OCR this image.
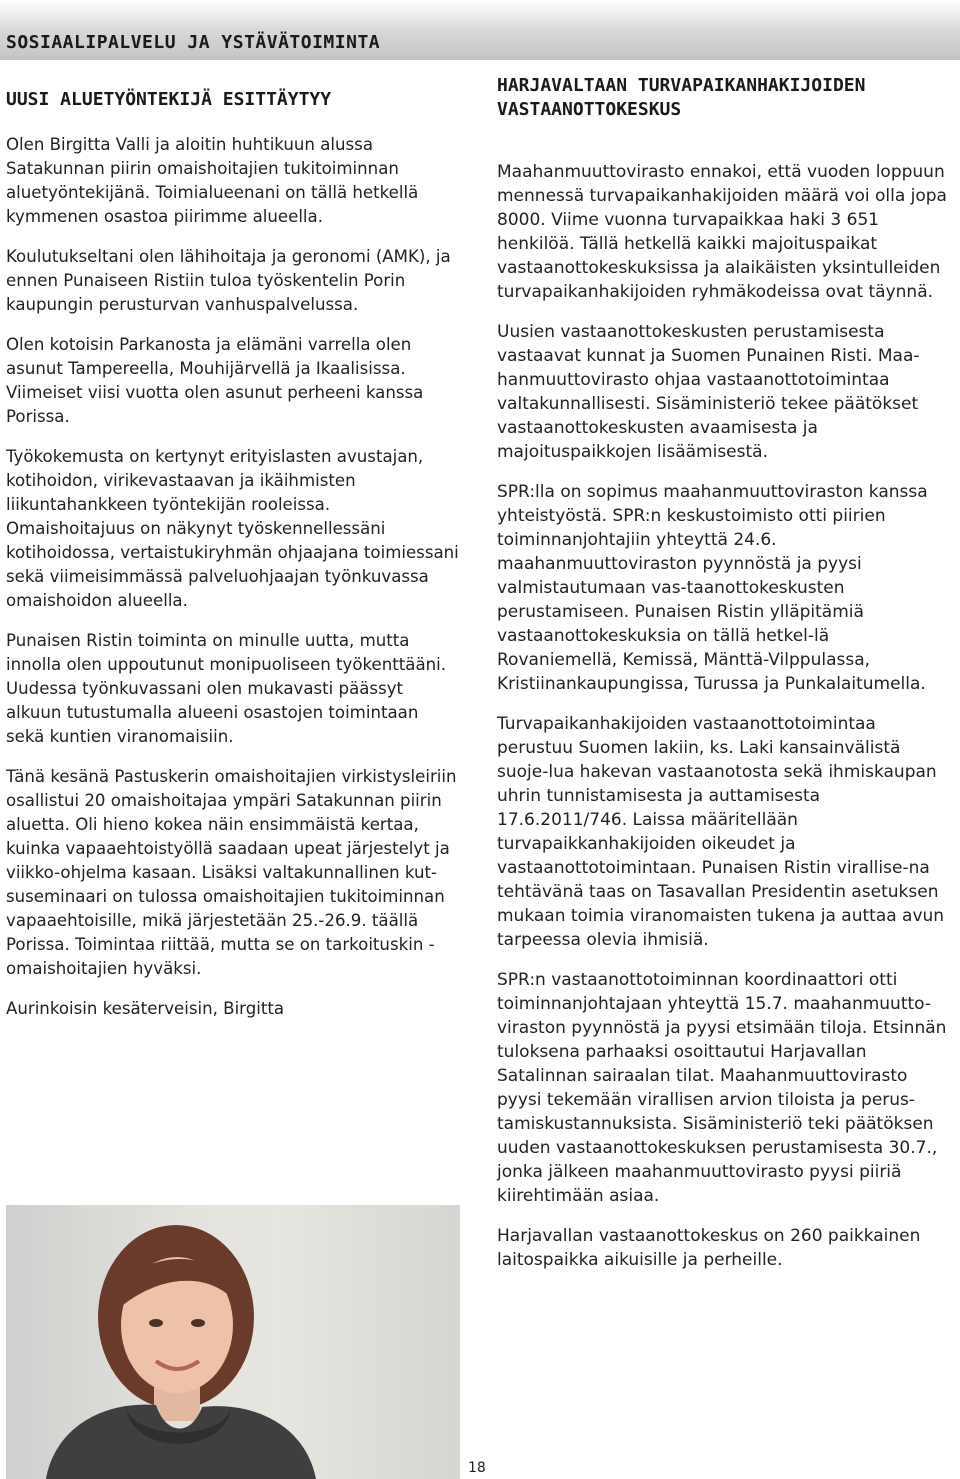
SOSIAALIPALVELU JA YSTÄVÄTOIMINTA
UUSI ALUETYÖNTEKIJÄ ESITTÄYTYY

Olen Birgitta Valli ja aloitin huhtikuun alussa Satakunnan piirin omaishoitajien tukitoiminnan aluetyöntekijänä. Toimialueenani on tällä hetkellä kymmenen osastoa piirimme alueella.

Koulutukseltani olen lähihoitaja ja geronomi (AMK), ja ennen Punaiseen Ristiin tuloa työskentelin Porin kaupungin perusturvan vanhuspalvelussa.

Olen kotoisin Parkanosta ja elämäni varrella olen asunut Tampereella, Mouhijärvellä ja Ikaalisissa. Viimeiset viisi vuotta olen asunut perheeni kanssa Porissa.

Työkokemusta on kertynyt erityislasten avustajan, kotihoidon, virikevastaavan ja ikäihmisten liikuntahankkeen työntekijän rooleissa. Omaishoitajuus on näkynyt työskennellessäni kotihoidossa, vertaistukiryhmän ohjaajana toimiessani sekä viimeisimmässä palveluohjaajan työnkuvassa omaishoidon alueella.

Punaisen Ristin toiminta on minulle uutta, mutta innolla olen uppoutunut monipuoliseen työkenttääni. Uudessa työnkuvassani olen mukavasti päässyt alkuun tutustumalla alueeni osastojen toimintaan sekä kuntien viranomaisiin.

Tänä kesänä Pastuskerin omaishoitajien virkistysleiriin osallistui 20 omaishoitajaa ympäri Satakunnan piirin aluetta. Oli hieno kokea näin ensimmäistä kertaa, kuinka vapaaehtoistyöllä saadaan upeat järjestelyt ja viikko-ohjelma kasaan. Lisäksi valtakunnallinen kut-suseminaari on tulossa omaishoitajien tukitoiminnan vapaaehtoisille, mikä järjestetään 25.-26.9. täällä Porissa. Toimintaa riittää, mutta se on tarkoituskin -omaishoitajien hyväksi.

Aurinkoisin kesäterveisin, Birgitta

HARJAVALTAAN TURVAPAIKANHAKIJOIDEN VASTAANOTTOKESKUS

Maahanmuuttovirasto ennakoi, että vuoden loppuun mennessä turvapaikanhakijoiden määrä voi olla jopa 8000. Viime vuonna turvapaikkaa haki 3 651 henkilöä. Tällä hetkellä kaikki majoituspaikat vastaanottokeskuksissa ja alaikäisten yksintulleiden turvapaikanhakijoiden ryhmäkodeissa ovat täynnä.

Uusien vastaanottokeskusten perustamisesta vastaavat kunnat ja Suomen Punainen Risti. Maa-hanmuuttovirasto ohjaa vastaanottotoimintaa valtakunnallisesti. Sisäministeriö tekee päätökset vastaanottokeskusten avaamisesta ja majoituspaikkojen lisäämisestä.

SPR:lla on sopimus maahanmuuttoviraston kanssa yhteistyöstä. SPR:n keskustoimisto otti piirien toiminnanjohtajiin yhteyttä 24.6. maahanmuuttoviraston pyynnöstä ja pyysi valmistautumaan vas-taanottokeskusten perustamiseen. Punaisen Ristin ylläpitämiä vastaanottokeskuksia on tällä hetkel-lä Rovaniemellä, Kemissä, Mänttä-Vilppulassa, Kristiinankaupungissa, Turussa ja Punkalaitumella.

Turvapaikanhakijoiden vastaanottotoimintaa perustuu Suomen lakiin, ks. Laki kansainvälistä suoje-lua hakevan vastaanotosta sekä ihmiskaupan uhrin tunnistamisesta ja auttamisesta 17.6.2011/746. Laissa määritellään turvapaikkanhakijoiden oikeudet ja vastaanottotoimintaan. Punaisen Ristin virallise-na tehtävänä taas on Tasavallan Presidentin asetuksen mukaan toimia viranomaisten tukena ja auttaa avun tarpeessa olevia ihmisiä.

SPR:n vastaanottotoiminnan koordinaattori otti toiminnanjohtajaan yhteyttä 15.7. maahanmuutto-viraston pyynnöstä ja pyysi etsimään tiloja. Etsinnän tuloksena parhaaksi osoittautui Harjavallan Satalinnan sairaalan tilat. Maahanmuuttovirasto pyysi tekemään virallisen arvion tiloista ja perus-tamiskustannuksista. Sisäministeriö teki päätöksen uuden vastaanottokeskuksen perustamisesta 30.7., jonka jälkeen maahanmuuttovirasto pyysi piiriä kiirehtimään asiaa.

Harjavallan vastaanottokeskus on 260 paikkainen laitospaikka aikuisille ja perheille.

18
